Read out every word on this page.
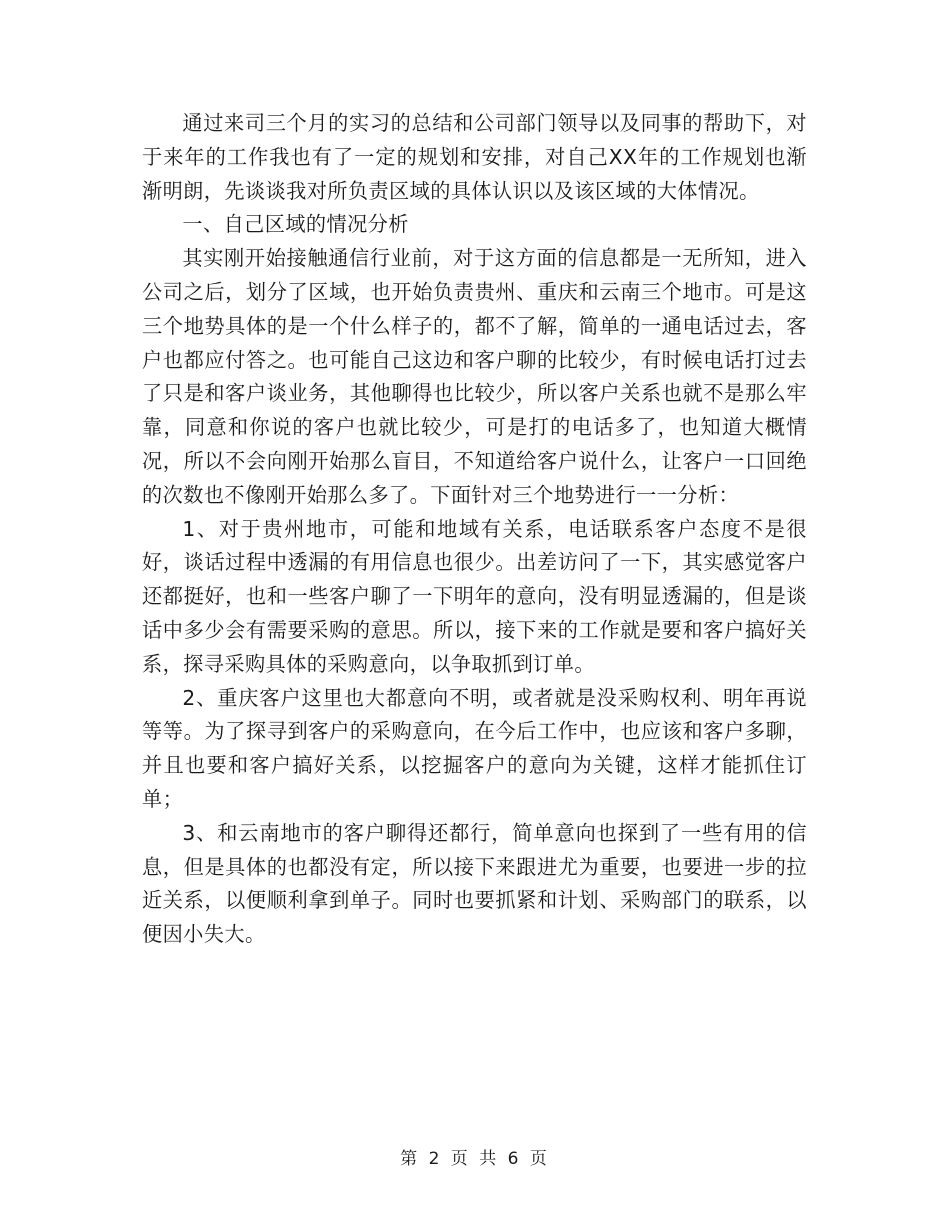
通过来司三个月的实习的总结和公司部门领导以及同事的帮助下，对于来年的工作我也有了一定的规划和安排，对自己XX年的工作规划也渐渐明朗，先谈谈我对所负责区域的具体认识以及该区域的大体情况。

一、自己区域的情况分析

其实刚开始接触通信行业前，对于这方面的信息都是一无所知，进入公司之后，划分了区域，也开始负责贵州、重庆和云南三个地市。可是这三个地势具体的是一个什么样子的，都不了解，简单的一通电话过去，客户也都应付答之。也可能自己这边和客户聊的比较少，有时候电话打过去了只是和客户谈业务，其他聊得也比较少，所以客户关系也就不是那么牢靠，同意和你说的客户也就比较少，可是打的电话多了，也知道大概情况，所以不会向刚开始那么盲目，不知道给客户说什么，让客户一口回绝的次数也不像刚开始那么多了。下面针对三个地势进行一一分析：

1、对于贵州地市，可能和地域有关系，电话联系客户态度不是很好，谈话过程中透漏的有用信息也很少。出差访问了一下，其实感觉客户还都挺好，也和一些客户聊了一下明年的意向，没有明显透漏的，但是谈话中多少会有需要采购的意思。所以，接下来的工作就是要和客户搞好关系，探寻采购具体的采购意向，以争取抓到订单。

2、重庆客户这里也大都意向不明，或者就是没采购权利、明年再说等等。为了探寻到客户的采购意向，在今后工作中，也应该和客户多聊，并且也要和客户搞好关系，以挖掘客户的意向为关键，这样才能抓住订单；

3、和云南地市的客户聊得还都行，简单意向也探到了一些有用的信息，但是具体的也都没有定，所以接下来跟进尤为重要，也要进一步的拉近关系，以便顺利拿到单子。同时也要抓紧和计划、采购部门的联系，以便因小失大。

第 2 页 共 6 页
